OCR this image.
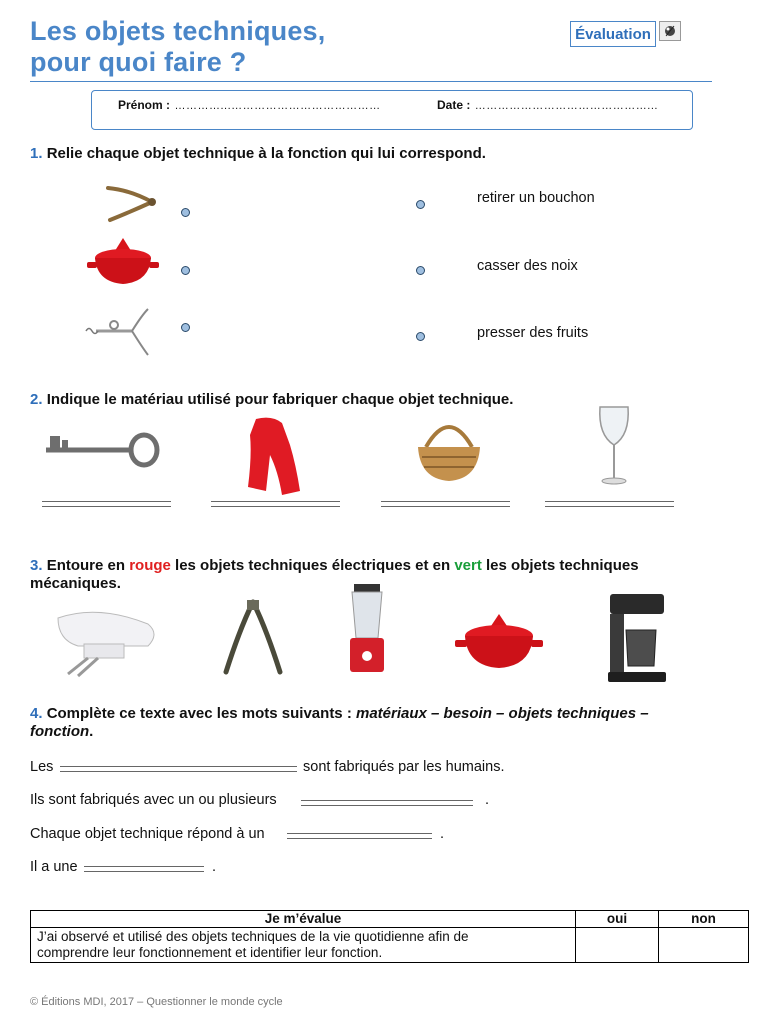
Les objets techniques,
pour quoi faire ?
Évaluation
Prénom : …………...…………………………………	Date : ………………………………………...
1. Relie chaque objet technique à la fonction qui lui correspond.
retirer un bouchon
casser des noix
presser des fruits
2. Indique le matériau utilisé pour fabriquer chaque objet technique.
3. Entoure en rouge les objets techniques électriques et en vert les objets techniques
mécaniques.
4. Complète ce texte avec les mots suivants : matériaux – besoin – objets techniques –
fonction.
Les	sont fabriqués par les humains.
Ils sont fabriqués avec un ou plusieurs	.
Chaque objet technique répond à un	.
Il a une	.
Je m’évalue	oui	non

J’ai observé et utilisé des objets techniques de la vie quotidienne afin de
comprendre leur fonctionnement et identifier leur fonction.		

© Éditions MDI, 2017 – Questionner le monde cycle
